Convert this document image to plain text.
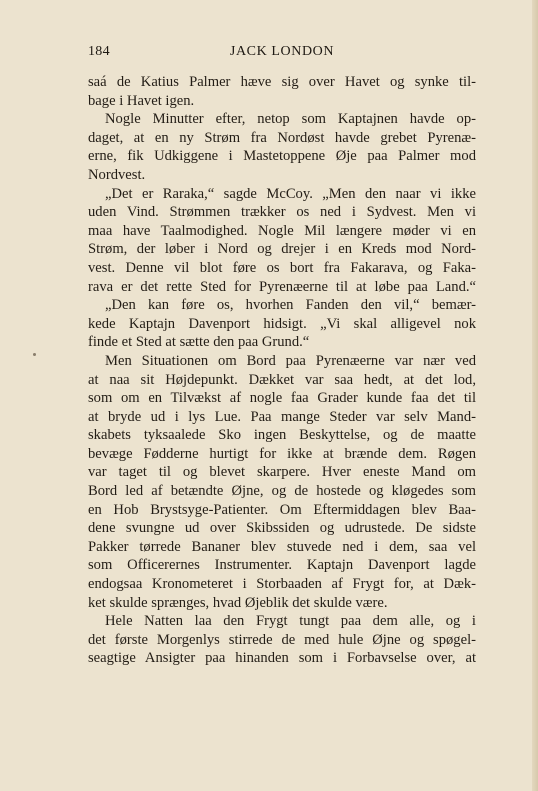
184	JACK LONDON
saá de Katius Palmer hæve sig over Havet og synke til-
bage i Havet igen.
Nogle Minutter efter, netop som Kaptajnen havde op-
daget, at en ny Strøm fra Nordøst havde grebet Pyrenæ-
erne, fik Udkiggene i Mastetoppene Øje paa Palmer mod
Nordvest.
„Det er Raraka,“ sagde McCoy. „Men den naar vi ikke
uden Vind. Strømmen trækker os ned i Sydvest. Men vi
maa have Taalmodighed. Nogle Mil længere møder vi en
Strøm, der løber i Nord og drejer i en Kreds mod Nord-
vest. Denne vil blot føre os bort fra Fakarava, og Faka-
rava er det rette Sted for Pyrenæerne til at løbe paa Land.“
„Den kan føre os, hvorhen Fanden den vil,“ bemær-
kede Kaptajn Davenport hidsigt. „Vi skal alligevel nok
finde et Sted at sætte den paa Grund.“
Men Situationen om Bord paa Pyrenæerne var nær ved
at naa sit Højdepunkt. Dækket var saa hedt, at det lod,
som om en Tilvækst af nogle faa Grader kunde faa det til
at bryde ud i lys Lue. Paa mange Steder var selv Mand-
skabets tyksaalede Sko ingen Beskyttelse, og de maatte
bevæge Fødderne hurtigt for ikke at brænde dem. Røgen
var taget til og blevet skarpere. Hver eneste Mand om
Bord led af betændte Øjne, og de hostede og kløgedes som
en Hob Brystsyge-Patienter. Om Eftermiddagen blev Baa-
dene svungne ud over Skibssiden og udrustede. De sidste
Pakker tørrede Bananer blev stuvede ned i dem, saa vel
som Officerernes Instrumenter. Kaptajn Davenport lagde
endogsaa Kronometeret i Storbaaden af Frygt for, at Dæk-
ket skulde sprænges, hvad Øjeblik det skulde være.
Hele Natten laa den Frygt tungt paa dem alle, og i
det første Morgenlys stirrede de med hule Øjne og spøgel-
seagtige Ansigter paa hinanden som i Forbavselse over, at
